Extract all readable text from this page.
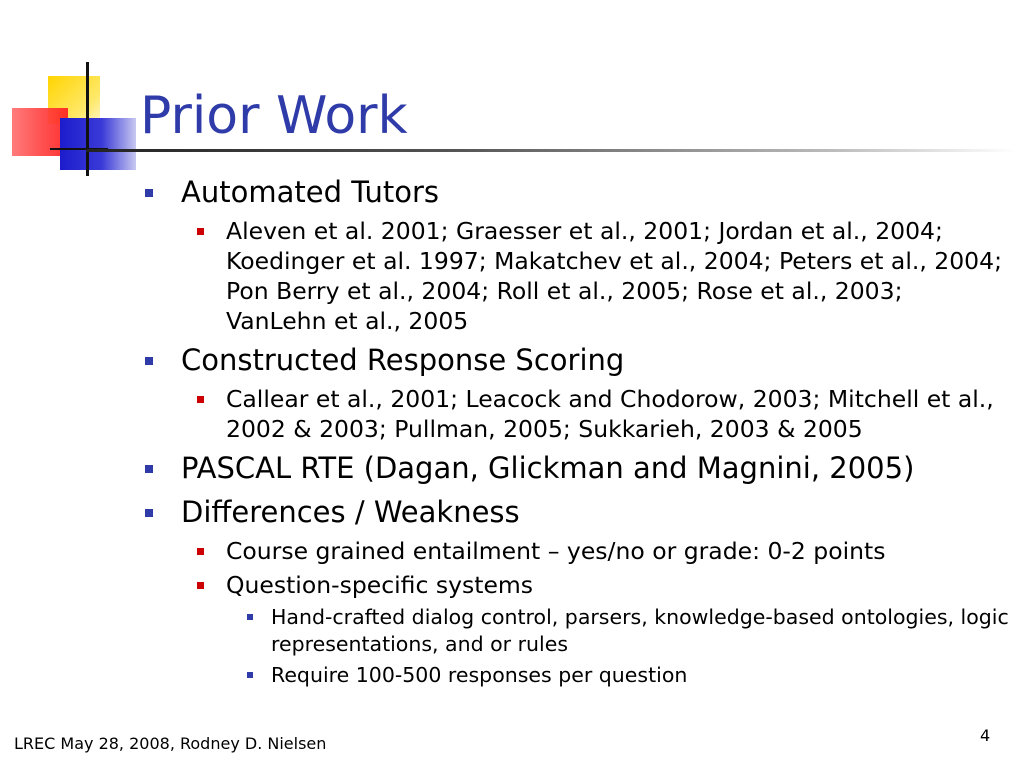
Prior Work
Automated Tutors
Aleven et al. 2001; Graesser et al., 2001; Jordan et al., 2004; Koedinger et al. 1997; Makatchev et al., 2004; Peters et al., 2004; Pon Berry et al., 2004; Roll et al., 2005; Rose et al., 2003; VanLehn et al., 2005
Constructed Response Scoring
Callear et al., 2001; Leacock and Chodorow, 2003; Mitchell et al., 2002 & 2003; Pullman, 2005; Sukkarieh, 2003 & 2005
PASCAL RTE (Dagan, Glickman and Magnini, 2005)
Differences / Weakness
Course grained entailment – yes/no or grade: 0-2 points
Question-specific systems
Hand-crafted dialog control, parsers, knowledge-based ontologies, logic representations, and or rules
Require 100-500 responses per question
LREC May 28, 2008, Rodney D. Nielsen	4
